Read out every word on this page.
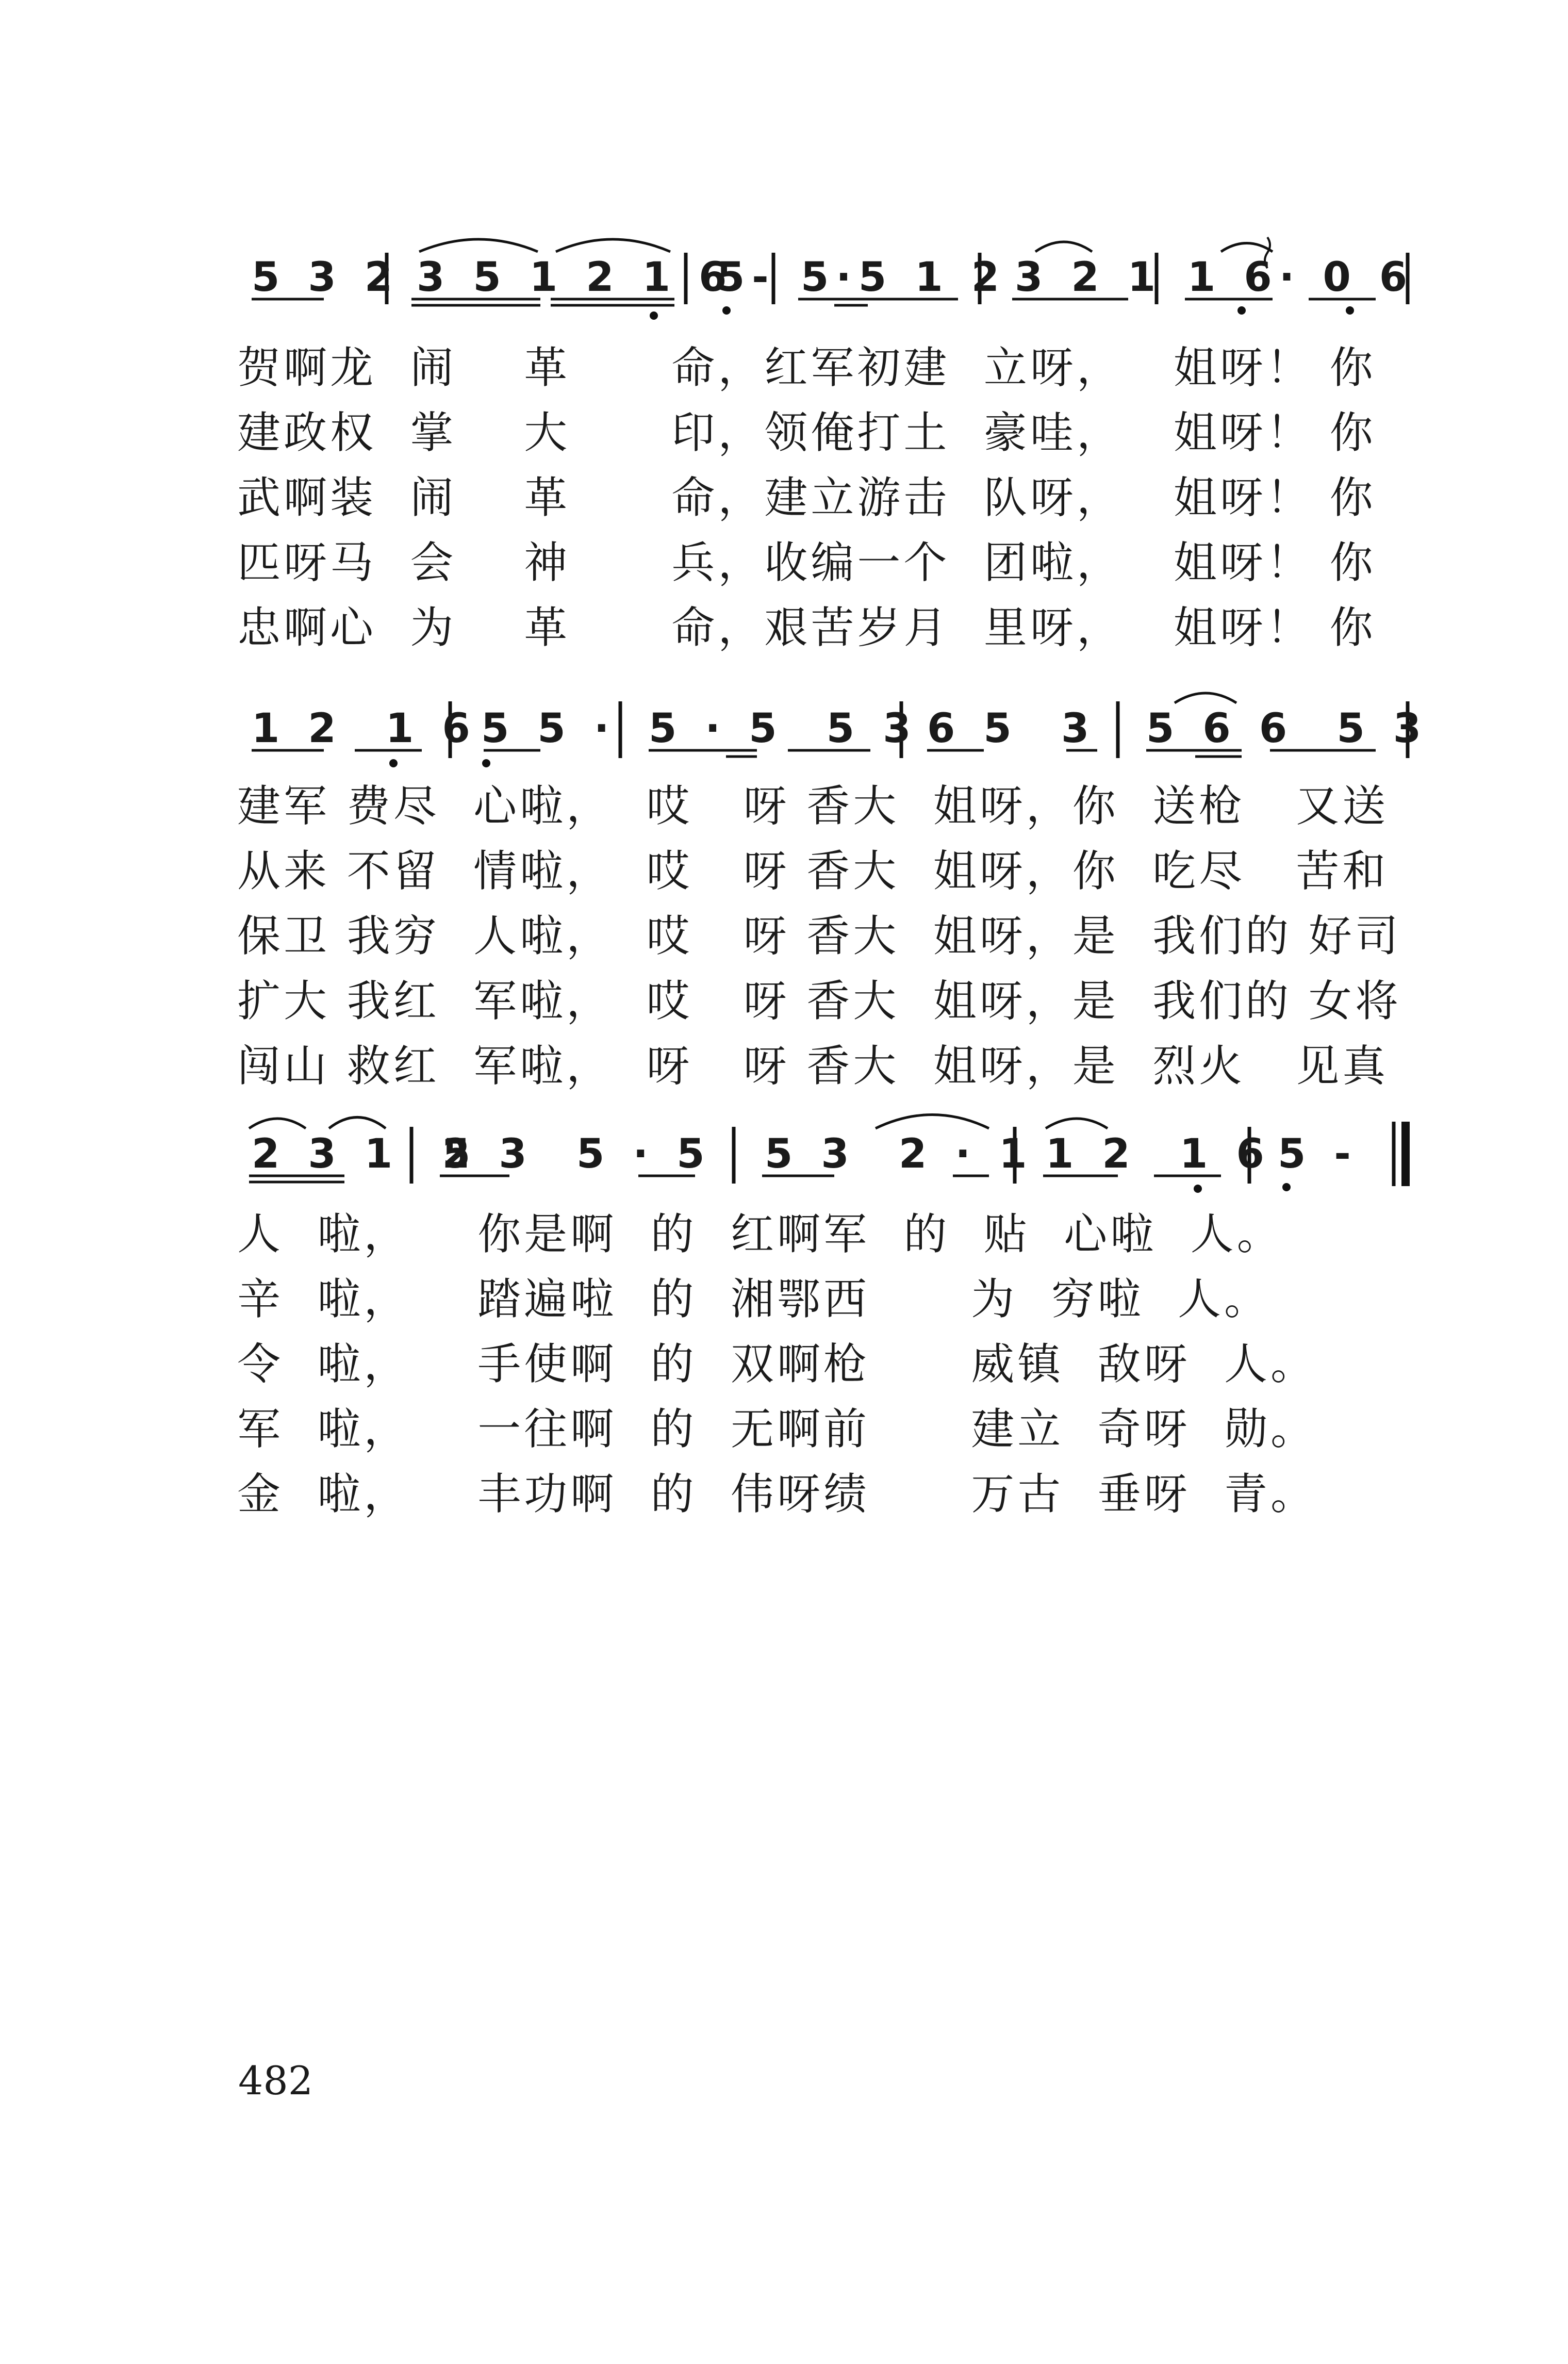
5 3 2 3 5 1 2 1 6
5- 5·5 1 2 3 2 1 1 6· 0 6
贺啊龙  闹    革      命，红军初建  立呀，   姐呀！ 你
建政权  掌    大      印，领俺打土  豪哇，   姐呀！ 你
武啊装  闹    革      命，建立游击  队呀，   姐呀！ 你
匹呀马  会    神      兵，收编一个  团啦，   姐呀！ 你
忠啊心  为    革      命，艰苦岁月  里呀，   姐呀！ 你
1 2  1 6 5 5 · 5 · 5  5 3 6 5  3 5 6 6  5 3
建军 费尽  心啦，  哎   呀 香大  姐呀，你  送枪   又送
从来 不留  情啦，  哎   呀 香大  姐呀，你  吃尽   苦和
保卫 我穷  人啦，  哎   呀 香大  姐呀，是  我们的 好司
扩大 我红  军啦，  哎   呀 香大  姐呀，是  我们的 女将
闯山 救红  军啦，  呀   呀 香大  姐呀，是  烈火   见真
2 3 1  2
5 3  5 · 5 5 3  2 · 1 1 2  1 6 5 -
人  啦，    你是啊  的  红啊军  的  贴  心啦  人。
辛  啦，    踏遍啦  的  湘鄂西      为  穷啦  人。
令  啦，    手使啊  的  双啊枪      威镇  敌呀  人。
军  啦，    一往啊  的  无啊前      建立  奇呀  勋。
金  啦，    丰功啊  的  伟呀绩      万古  垂呀  青。
482
